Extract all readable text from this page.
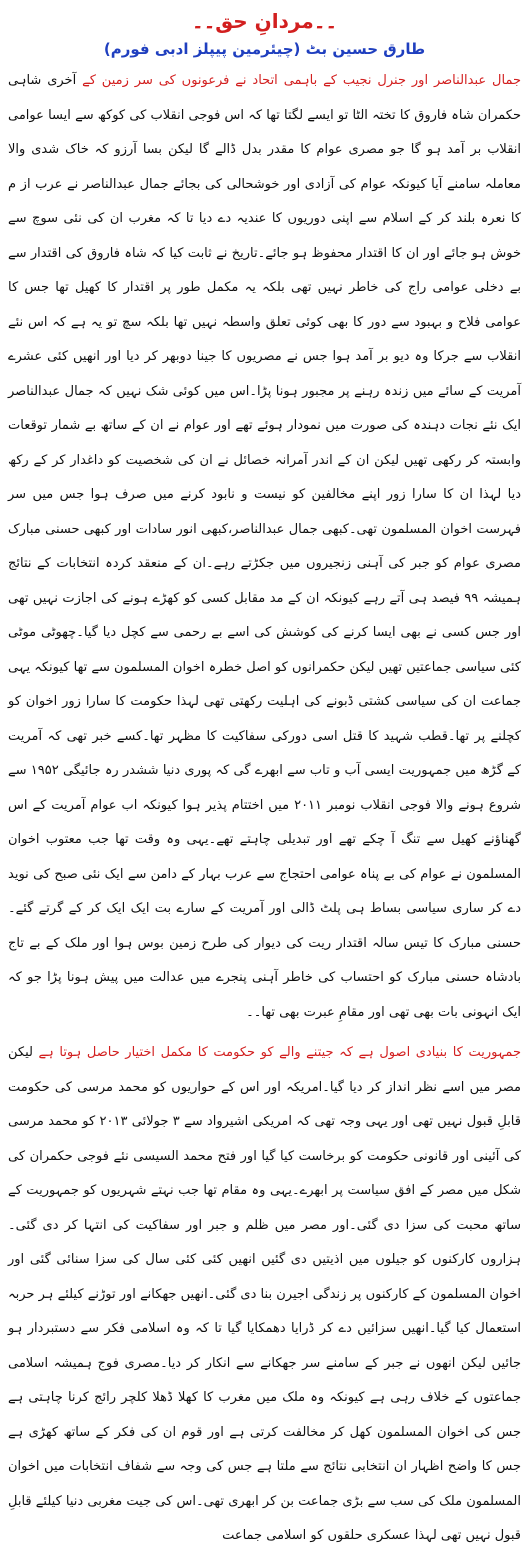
۔۔مردانِ حق۔۔
طارق حسین بٹ (چیئرمین پیپلز ادبی فورم)

جمال عبدالناصر اور جنرل نجیب کے باہمی اتحاد نے فرعونوں کی سر زمین کے آخری شاہی حکمران شاہ فاروق کا تختہ الٹا تو ایسے لگتا تھا کہ اس فوجی انقلاب کی کوکھ سے ایسا عوامی انقلاب بر آمد ہو گا جو مصری عوام کا مقدر بدل ڈالے گا لیکن بسا آرزو کہ خاک شدی والا معاملہ سامنے آیا کیونکہ عوام کی آزادی اور خوشحالی کی بجائے جمال عبدالناصر نے عرب از م کا نعرہ بلند کر کے اسلام سے اپنی دوریوں کا عندیہ دے دیا تا کہ مغرب ان کی نئی سوچ سے خوش ہو جائے اور ان کا اقتدار محفوظ ہو جائے۔تاریخ نے ثابت کیا کہ شاہ فاروق کی اقتدار سے بے دخلی عوامی راج کی خاطر نہیں تھی بلکہ یہ مکمل طور پر اقتدار کا کھیل تھا جس کا عوامی فلاح و بہبود سے دور کا بھی کوئی تعلق واسطہ نہیں تھا بلکہ سچ تو یہ ہے کہ اس نئے انقلاب سے جرکا وہ دیو بر آمد ہوا جس نے مصریوں کا جینا دوبھر کر دیا اور انھیں کئی عشرے آمریت کے سائے میں زندہ رہنے پر مجبور ہونا پڑا۔اس میں کوئی شک نہیں کہ جمال عبدالناصر ایک نئے نجات دہندہ کی صورت میں نمودار ہوئے تھے اور عوام نے ان کے ساتھ بے شمار توقعات وابستہ کر رکھی تھیں لیکن ان کے اندر آمرانہ خصائل نے ان کی شخصیت کو داغدار کر کے رکھ دیا لہذا ان کا سارا زور اپنے مخالفین کو نیست و نابود کرنے میں صرف ہوا جس میں سر فہرست اخوان المسلمون تھی۔کبھی جمال عبدالناصر،کبھی انور سادات اور کبھی حسنی مبارک مصری عوام کو جبر کی آہنی زنجیروں میں جکڑتے رہے۔ان کے منعقد کردہ انتخابات کے نتائج ہمیشہ ۹۹ فیصد ہی آتے رہے کیونکہ ان کے مد مقابل کسی کو کھڑے ہونے کی اجازت نہیں تھی اور جس کسی نے بھی ایسا کرنے کی کوشش کی اسے بے رحمی سے کچل دیا گیا۔چھوٹی موٹی کئی سیاسی جماعتیں تھیں لیکن حکمرانوں کو اصل خطرہ اخوان المسلمون سے تھا کیونکہ یہی جماعت ان کی سیاسی کشتی ڈبونے کی اہلیت رکھتی تھی لہذا حکومت کا سارا زور اخوان کو کچلنے پر تھا۔قطب شہید کا قتل اسی دورکی سفاکیت کا مظہر تھا۔کسے خبر تھی کہ آمریت کے گڑھ میں جمہوریت ایسی آب و تاب سے ابھرے گی کہ پوری دنیا ششدر رہ جائیگی ۱۹۵۲ سے شروع ہونے والا فوجی انقلاب نومبر ۲۰۱۱ میں اختتام پذیر ہوا کیونکہ اب عوام آمریت کے اس گھناؤنے کھیل سے تنگ آ چکے تھے اور تبدیلی چاہتے تھے۔یہی وہ وقت تھا جب معتوب اخوان المسلمون نے عوام کی بے پناہ عوامی احتجاج سے عرب بہار کے دامن سے ایک نئی صبح کی نوید دے کر ساری سیاسی بساط ہی پلٹ ڈالی اور آمریت کے سارے بت ایک ایک کر کے گرتے گئے۔حسنی مبارک کا تیس سالہ اقتدار ریت کی دیوار کی طرح زمین بوس ہوا اور ملک کے بے تاج بادشاہ حسنی مبارک کو احتساب کی خاطر آہنی پنجرے میں عدالت میں پیش ہونا پڑا جو کہ ایک انہونی بات بھی تھی اور مقامِ عبرت بھی تھا۔۔

جمہوریت کا بنیادی اصول ہے کہ جیتنے والے کو حکومت کا مکمل اختیار حاصل ہوتا ہے لیکن مصر میں اسے نظر انداز کر دیا گیا۔امریکہ اور اس کے حواریوں کو محمد مرسی کی حکومت قابلِ قبول نہیں تھی اور یہی وجہ تھی کہ امریکی اشیرواد سے ۳ جولائی ۲۰۱۳ کو محمد مرسی کی آئینی اور قانونی حکومت کو برخاست کیا گیا اور فتح محمد السیسی نئے فوجی حکمران کی شکل میں مصر کے افق سیاست پر ابھرے۔یہی وہ مقام تھا جب نہتے شہریوں کو جمہوریت کے ساتھ محبت کی سزا دی گئی۔اور مصر میں ظلم و جبر اور سفاکیت کی انتہا کر دی گئی۔ہزاروں کارکنوں کو جیلوں میں اذیتیں دی گئیں انھیں کئی کئی سال کی سزا سنائی گئی اور اخوان المسلمون کے کارکنوں پر زندگی اجیرن بنا دی گئی۔انھیں جھکانے اور توڑنے کیلئے ہر حربہ استعمال کیا گیا۔انھیں سزائیں دے کر ڈرایا دھمکایا گیا تا کہ وہ اسلامی فکر سے دستبردار ہو جائیں لیکن انھوں نے جبر کے سامنے سر جھکانے سے انکار کر دیا۔مصری فوج ہمیشہ اسلامی جماعتوں کے خلاف رہی ہے کیونکہ وہ ملک میں مغرب کا کھلا ڈھلا کلچر رائج کرنا چاہتی ہے جس کی اخوان المسلمون کھل کر مخالفت کرتی ہے اور قوم ان کی فکر کے ساتھ کھڑی ہے جس کا واضح اظہار ان انتخابی نتائج سے ملتا ہے جس کی وجہ سے شفاف انتخابات میں اخوان المسلمون ملک کی سب سے بڑی جماعت بن کر ابھری تھی۔اس کی جیت مغربی دنیا کیلئے قابلِ قبول نہیں تھی لہذا عسکری حلقوں کو اسلامی جماعت
